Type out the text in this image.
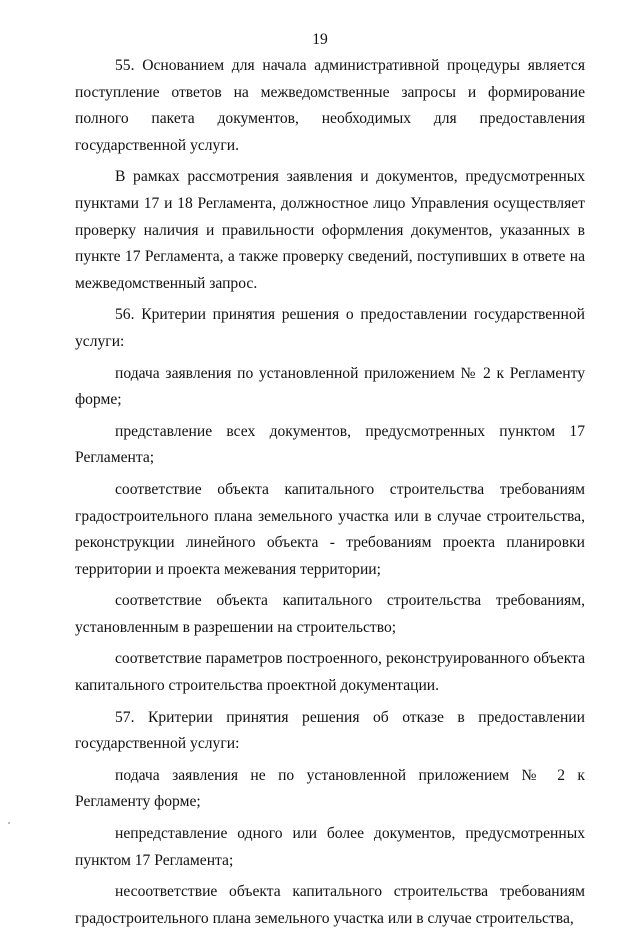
19

55. Основанием для начала административной процедуры является поступление ответов на межведомственные запросы и формирование полного пакета документов, необходимых для предоставления государственной услуги.

В рамках рассмотрения заявления и документов, предусмотренных пунктами 17 и 18 Регламента, должностное лицо Управления осуществляет проверку наличия и правильности оформления документов, указанных в пункте 17 Регламента, а также проверку сведений, поступивших в ответе на межведомственный запрос.

56. Критерии принятия решения о предоставлении государственной услуги:

подача заявления по установленной приложением № 2 к Регламенту форме;

представление всех документов, предусмотренных пунктом 17 Регламента;

соответствие объекта капитального строительства требованиям градостроительного плана земельного участка или в случае строительства, реконструкции линейного объекта - требованиям проекта планировки территории и проекта межевания территории;

соответствие объекта капитального строительства требованиям, установленным в разрешении на строительство;

соответствие параметров построенного, реконструированного объекта капитального строительства проектной документации.

57. Критерии принятия решения об отказе в предоставлении государственной услуги:

подача заявления не по установленной приложением № 2 к Регламенту форме;

непредставление одного или более документов, предусмотренных пунктом 17 Регламента;

несоответствие объекта капитального строительства требованиям градостроительного плана земельного участка или в случае строительства,
